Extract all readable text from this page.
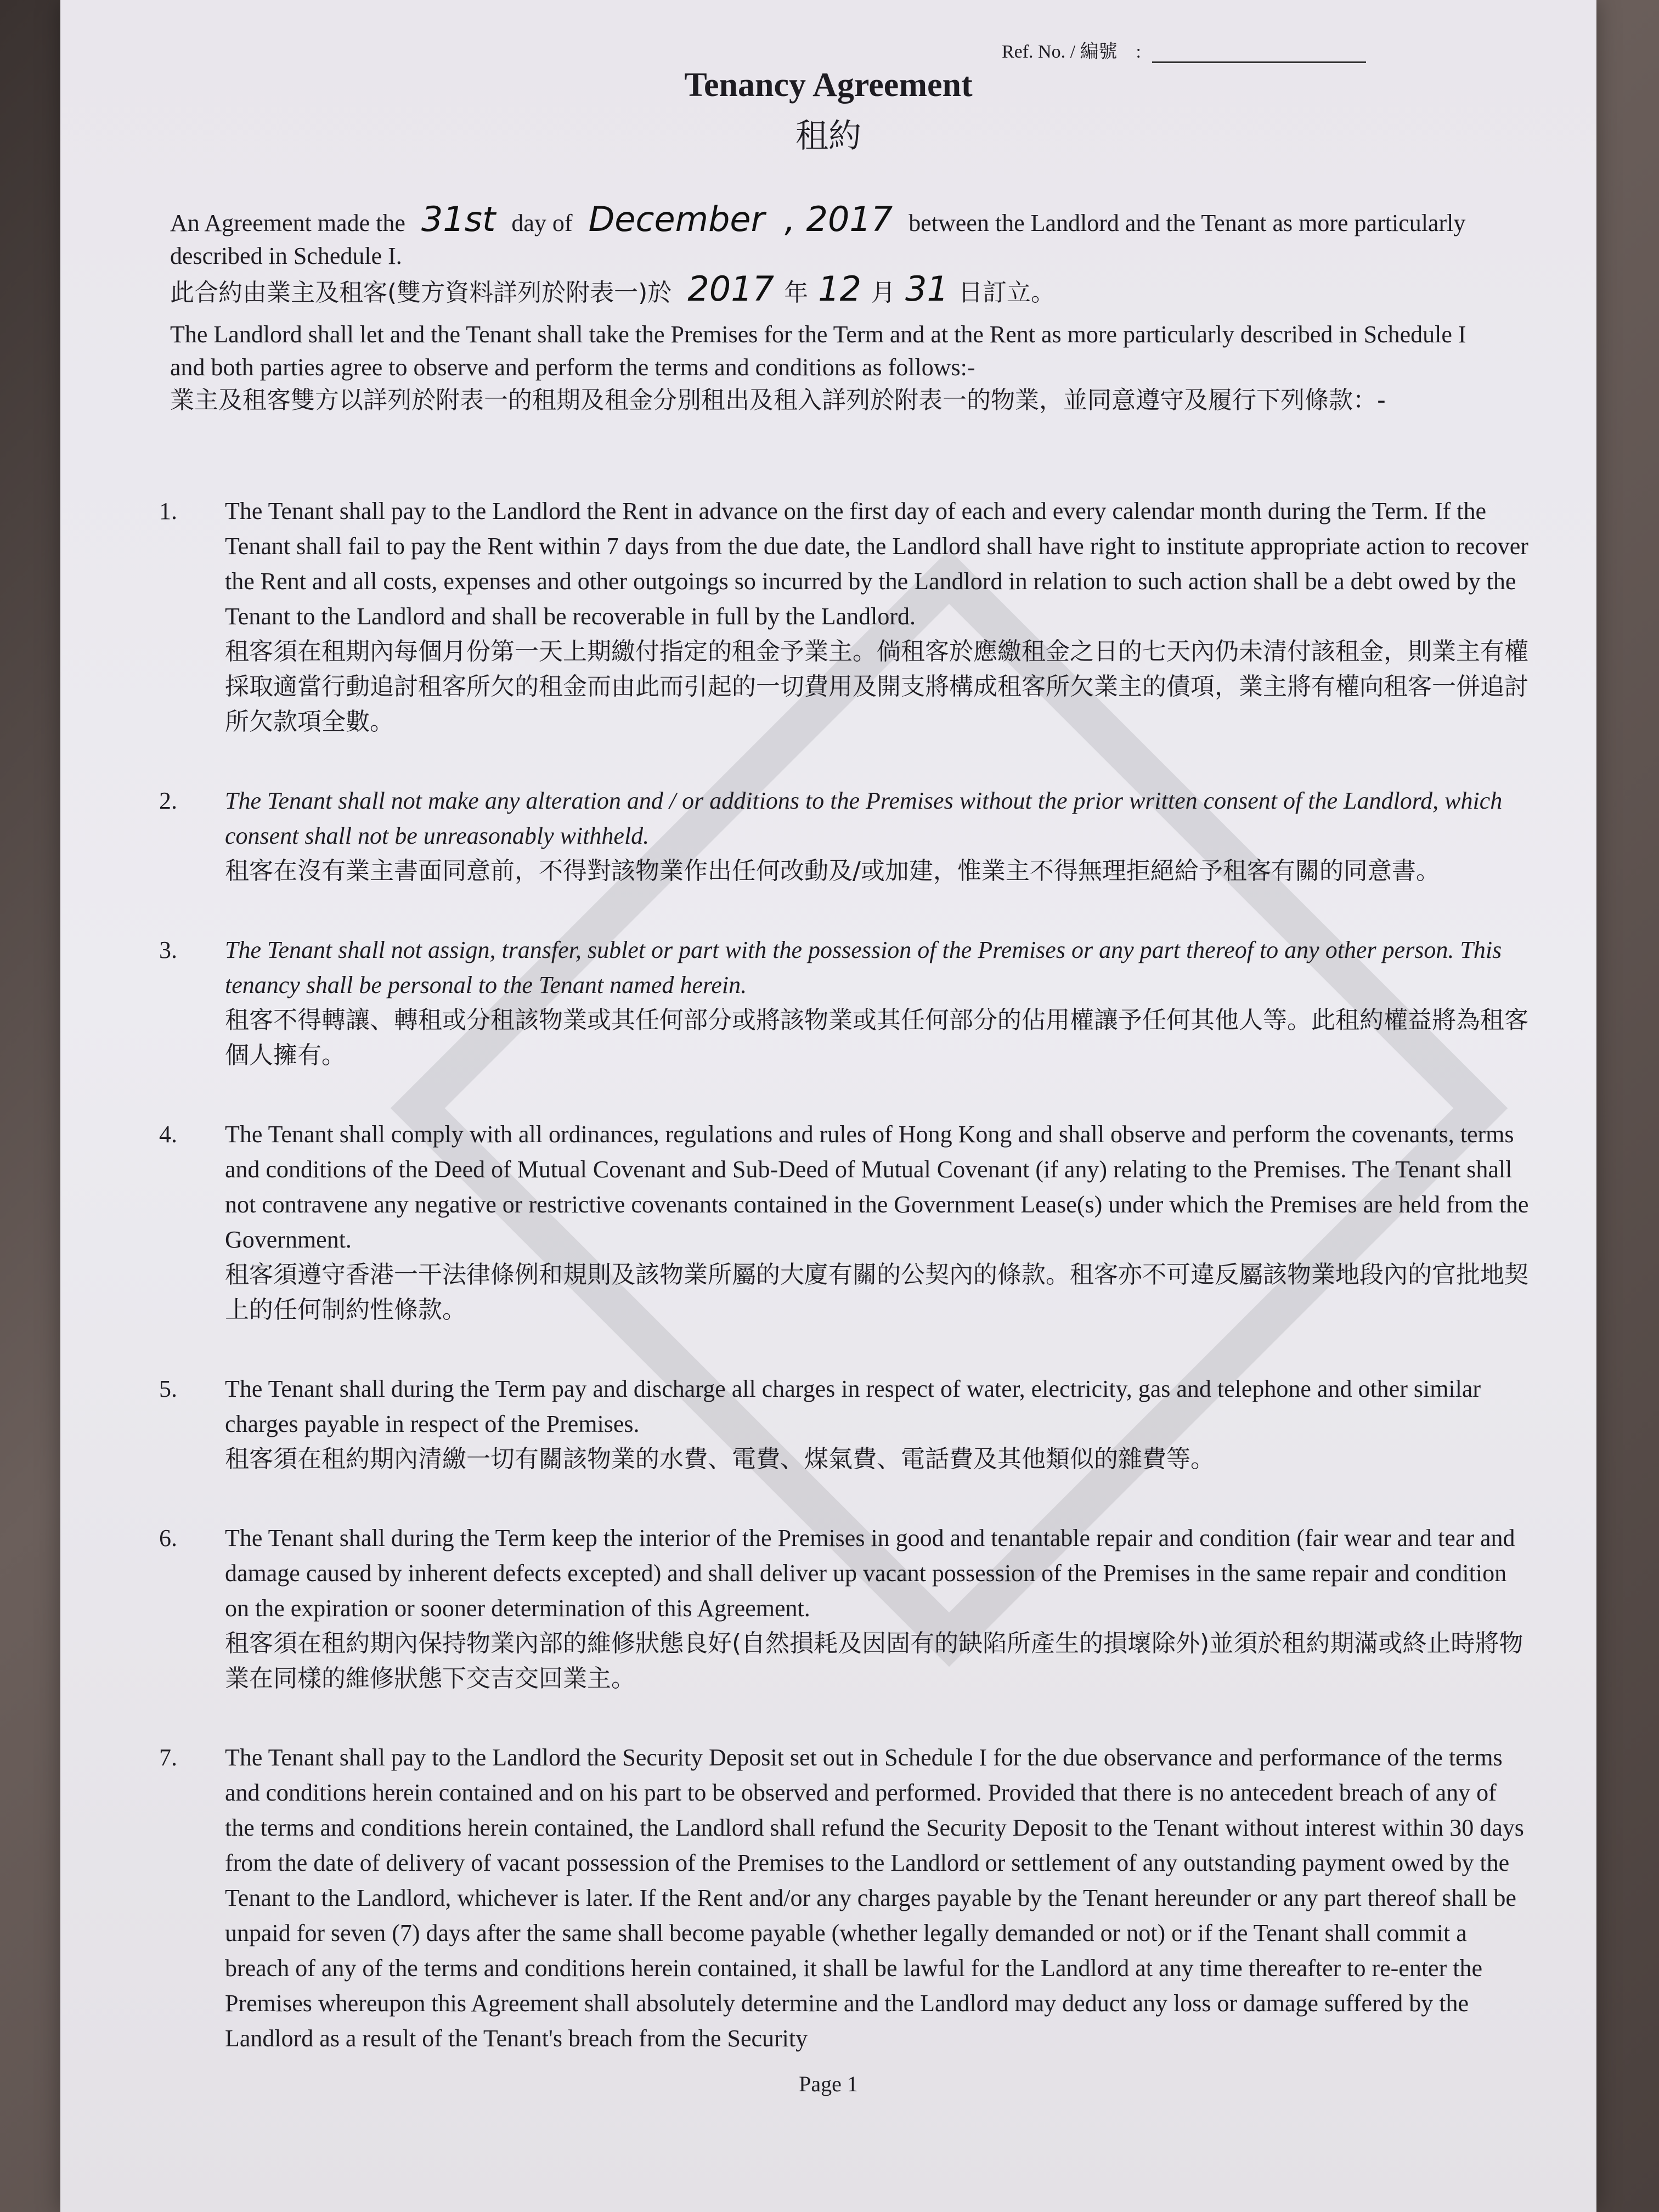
Ref. No. / 編號　:
Tenancy Agreement
租約
An Agreement made the 31st day of December , 2017 between the Landlord and the Tenant as more particularly described in Schedule I.
此合約由業主及租客(雙方資料詳列於附表一)於 2017 年 12 月 31 日訂立。
The Landlord shall let and the Tenant shall take the Premises for the Term and at the Rent as more particularly described in Schedule I and both parties agree to observe and perform the terms and conditions as follows:-
業主及租客雙方以詳列於附表一的租期及租金分別租出及租入詳列於附表一的物業，並同意遵守及履行下列條款：-
1.	The Tenant shall pay to the Landlord the Rent in advance on the first day of each and every calendar month during the Term. If the Tenant shall fail to pay the Rent within 7 days from the due date, the Landlord shall have right to institute appropriate action to recover the Rent and all costs, expenses and other outgoings so incurred by the Landlord in relation to such action shall be a debt owed by the Tenant to the Landlord and shall be recoverable in full by the Landlord.
租客須在租期內每個月份第一天上期繳付指定的租金予業主。倘租客於應繳租金之日的七天內仍未清付該租金，則業主有權採取適當行動追討租客所欠的租金而由此而引起的一切費用及開支將構成租客所欠業主的債項，業主將有權向租客一併追討所欠款項全數。
2.	The Tenant shall not make any alteration and / or additions to the Premises without the prior written consent of the Landlord, which consent shall not be unreasonably withheld.
租客在沒有業主書面同意前，不得對該物業作出任何改動及/或加建，惟業主不得無理拒絕給予租客有關的同意書。
3.	The Tenant shall not assign, transfer, sublet or part with the possession of the Premises or any part thereof to any other person. This tenancy shall be personal to the Tenant named herein.
租客不得轉讓、轉租或分租該物業或其任何部分或將該物業或其任何部分的佔用權讓予任何其他人等。此租約權益將為租客個人擁有。
4.	The Tenant shall comply with all ordinances, regulations and rules of Hong Kong and shall observe and perform the covenants, terms and conditions of the Deed of Mutual Covenant and Sub-Deed of Mutual Covenant (if any) relating to the Premises. The Tenant shall not contravene any negative or restrictive covenants contained in the Government Lease(s) under which the Premises are held from the Government.
租客須遵守香港一干法律條例和規則及該物業所屬的大廈有關的公契內的條款。租客亦不可違反屬該物業地段內的官批地契上的任何制約性條款。
5.	The Tenant shall during the Term pay and discharge all charges in respect of water, electricity, gas and telephone and other similar charges payable in respect of the Premises.
租客須在租約期內清繳一切有關該物業的水費、電費、煤氣費、電話費及其他類似的雜費等。
6.	The Tenant shall during the Term keep the interior of the Premises in good and tenantable repair and condition (fair wear and tear and damage caused by inherent defects excepted) and shall deliver up vacant possession of the Premises in the same repair and condition on the expiration or sooner determination of this Agreement.
租客須在租約期內保持物業內部的維修狀態良好(自然損耗及因固有的缺陷所產生的損壞除外)並須於租約期滿或終止時將物業在同樣的維修狀態下交吉交回業主。
7.	The Tenant shall pay to the Landlord the Security Deposit set out in Schedule I for the due observance and performance of the terms and conditions herein contained and on his part to be observed and performed. Provided that there is no antecedent breach of any of the terms and conditions herein contained, the Landlord shall refund the Security Deposit to the Tenant without interest within 30 days from the date of delivery of vacant possession of the Premises to the Landlord or settlement of any outstanding payment owed by the Tenant to the Landlord, whichever is later. If the Rent and/or any charges payable by the Tenant hereunder or any part thereof shall be unpaid for seven (7) days after the same shall become payable (whether legally demanded or not) or if the Tenant shall commit a breach of any of the terms and conditions herein contained, it shall be lawful for the Landlord at any time thereafter to re-enter the Premises whereupon this Agreement shall absolutely determine and the Landlord may deduct any loss or damage suffered by the Landlord as a result of the Tenant's breach from the Security
Page 1
